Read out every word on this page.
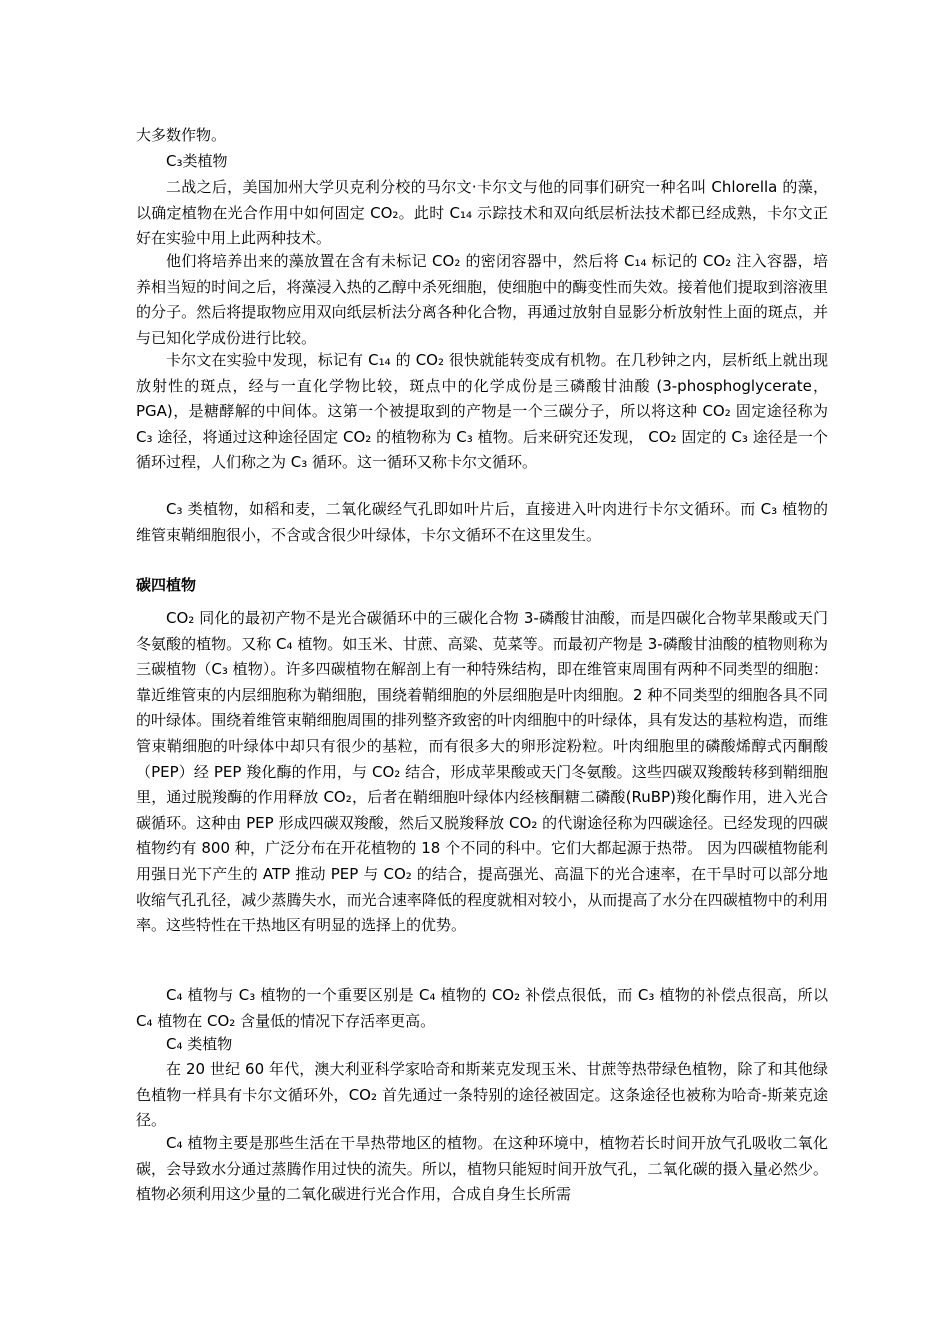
大多数作物。

C₃类植物

二战之后，美国加州大学贝克利分校的马尔文·卡尔文与他的同事们研究一种名叫 Chlorella 的藻，以确定植物在光合作用中如何固定 CO₂。此时 C₁₄ 示踪技术和双向纸层析法技术都已经成熟，卡尔文正好在实验中用上此两种技术。

他们将培养出来的藻放置在含有未标记 CO₂ 的密闭容器中，然后将 C₁₄ 标记的 CO₂ 注入容器，培养相当短的时间之后，将藻浸入热的乙醇中杀死细胞，使细胞中的酶变性而失效。接着他们提取到溶液里的分子。然后将提取物应用双向纸层析法分离各种化合物，再通过放射自显影分析放射性上面的斑点，并与已知化学成份进行比较。

卡尔文在实验中发现，标记有 C₁₄ 的 CO₂ 很快就能转变成有机物。在几秒钟之内，层析纸上就出现放射性的斑点，经与一直化学物比较，斑点中的化学成份是三磷酸甘油酸 (3-phosphoglycerate，PGA)，是糖酵解的中间体。这第一个被提取到的产物是一个三碳分子，所以将这种 CO₂ 固定途径称为 C₃ 途径，将通过这种途径固定 CO₂ 的植物称为 C₃ 植物。后来研究还发现， CO₂ 固定的 C₃ 途径是一个循环过程，人们称之为 C₃ 循环。这一循环又称卡尔文循环。

C₃ 类植物，如稻和麦，二氧化碳经气孔即如叶片后，直接进入叶肉进行卡尔文循环。而 C₃ 植物的维管束鞘细胞很小，不含或含很少叶绿体，卡尔文循环不在这里发生。

碳四植物

CO₂ 同化的最初产物不是光合碳循环中的三碳化合物 3-磷酸甘油酸，而是四碳化合物苹果酸或天门冬氨酸的植物。又称 C₄ 植物。如玉米、甘蔗、高粱、苋菜等。而最初产物是 3-磷酸甘油酸的植物则称为三碳植物（C₃ 植物）。许多四碳植物在解剖上有一种特殊结构，即在维管束周围有两种不同类型的细胞：靠近维管束的内层细胞称为鞘细胞，围绕着鞘细胞的外层细胞是叶肉细胞。2 种不同类型的细胞各具不同的叶绿体。围绕着维管束鞘细胞周围的排列整齐致密的叶肉细胞中的叶绿体，具有发达的基粒构造，而维管束鞘细胞的叶绿体中却只有很少的基粒，而有很多大的卵形淀粉粒。叶肉细胞里的磷酸烯醇式丙酮酸（PEP）经 PEP 羧化酶的作用，与 CO₂ 结合，形成苹果酸或天门冬氨酸。这些四碳双羧酸转移到鞘细胞里，通过脱羧酶的作用释放 CO₂，后者在鞘细胞叶绿体内经核酮糖二磷酸(RuBP)羧化酶作用，进入光合碳循环。这种由 PEP 形成四碳双羧酸，然后又脱羧释放 CO₂ 的代谢途径称为四碳途径。已经发现的四碳植物约有 800 种，广泛分布在开花植物的 18 个不同的科中。它们大都起源于热带。 因为四碳植物能利用强日光下产生的 ATP 推动 PEP 与 CO₂ 的结合，提高强光、高温下的光合速率，在干旱时可以部分地收缩气孔孔径，减少蒸腾失水，而光合速率降低的程度就相对较小，从而提高了水分在四碳植物中的利用率。这些特性在干热地区有明显的选择上的优势。

C₄ 植物与 C₃ 植物的一个重要区别是 C₄ 植物的 CO₂ 补偿点很低，而 C₃ 植物的补偿点很高，所以 C₄ 植物在 CO₂ 含量低的情况下存活率更高。

C₄ 类植物

在 20 世纪 60 年代，澳大利亚科学家哈奇和斯莱克发现玉米、甘蔗等热带绿色植物，除了和其他绿色植物一样具有卡尔文循环外，CO₂ 首先通过一条特别的途径被固定。这条途径也被称为哈奇-斯莱克途径。

C₄ 植物主要是那些生活在干旱热带地区的植物。在这种环境中，植物若长时间开放气孔吸收二氧化碳，会导致水分通过蒸腾作用过快的流失。所以，植物只能短时间开放气孔，二氧化碳的摄入量必然少。植物必须利用这少量的二氧化碳进行光合作用，合成自身生长所需
